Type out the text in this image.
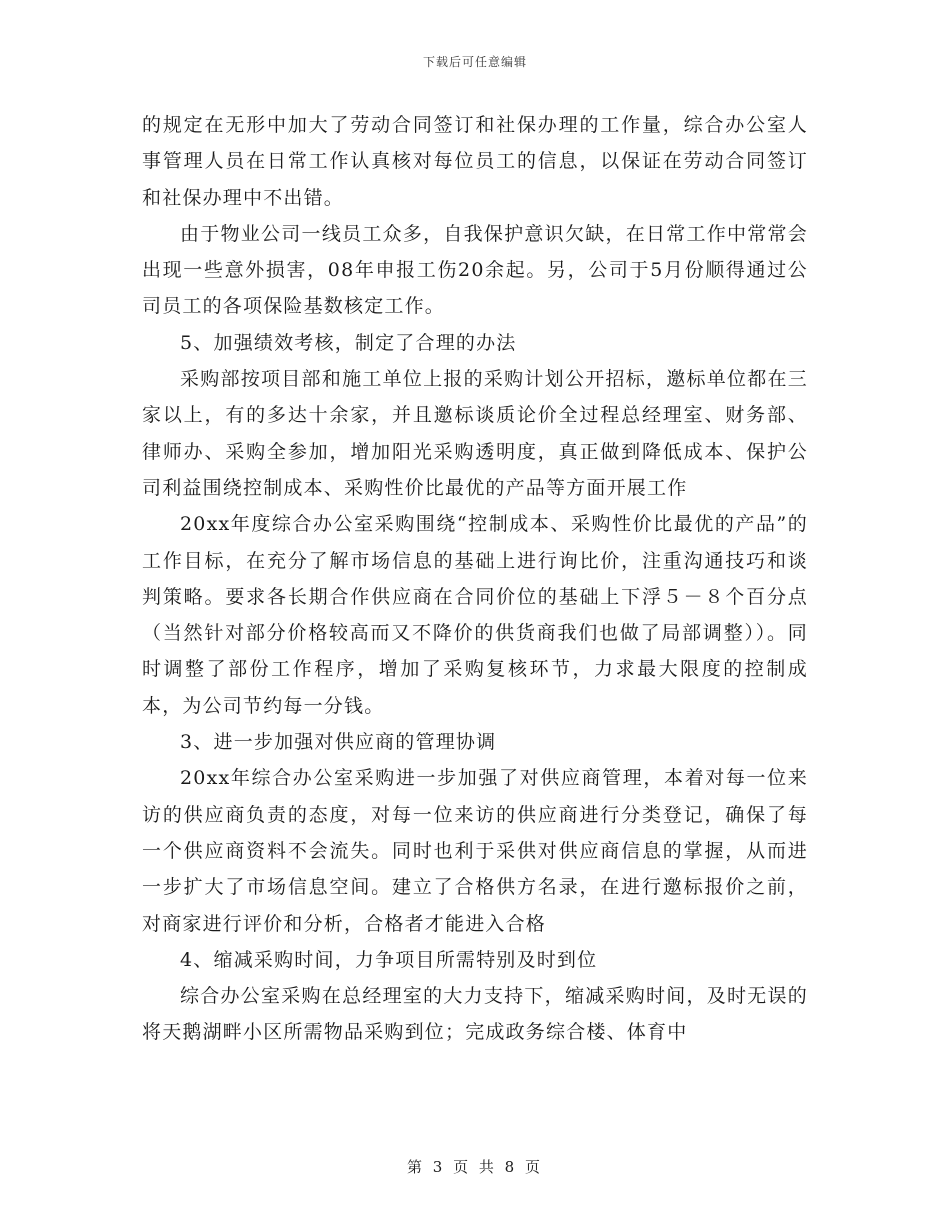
下载后可任意编辑

的规定在无形中加大了劳动合同签订和社保办理的工作量，综合办公室人事管理人员在日常工作认真核对每位员工的信息，以保证在劳动合同签订和社保办理中不出错。

由于物业公司一线员工众多，自我保护意识欠缺，在日常工作中常常会出现一些意外损害，08年申报工伤20余起。另，公司于5月份顺得通过公司员工的各项保险基数核定工作。

5、加强绩效考核，制定了合理的办法

采购部按项目部和施工单位上报的采购计划公开招标，邀标单位都在三家以上，有的多达十余家，并且邀标谈质论价全过程总经理室、财务部、律师办、采购全参加，增加阳光采购透明度，真正做到降低成本、保护公司利益围绕控制成本、采购性价比最优的产品等方面开展工作

20xx年度综合办公室采购围绕“控制成本、采购性价比最优的产品”的工作目标，在充分了解市场信息的基础上进行询比价，注重沟通技巧和谈判策略。要求各长期合作供应商在合同价位的基础上下浮５－８个百分点（当然针对部分价格较高而又不降价的供货商我们也做了局部调整））。同时调整了部份工作程序，增加了采购复核环节，力求最大限度的控制成本，为公司节约每一分钱。

3、进一步加强对供应商的管理协调

20xx年综合办公室采购进一步加强了对供应商管理，本着对每一位来访的供应商负责的态度，对每一位来访的供应商进行分类登记，确保了每一个供应商资料不会流失。同时也利于采供对供应商信息的掌握，从而进一步扩大了市场信息空间。建立了合格供方名录，在进行邀标报价之前，对商家进行评价和分析，合格者才能进入合格

4、缩减采购时间，力争项目所需特别及时到位

综合办公室采购在总经理室的大力支持下，缩减采购时间，及时无误的将天鹅湖畔小区所需物品采购到位；完成政务综合楼、体育中

第 3 页 共 8 页
